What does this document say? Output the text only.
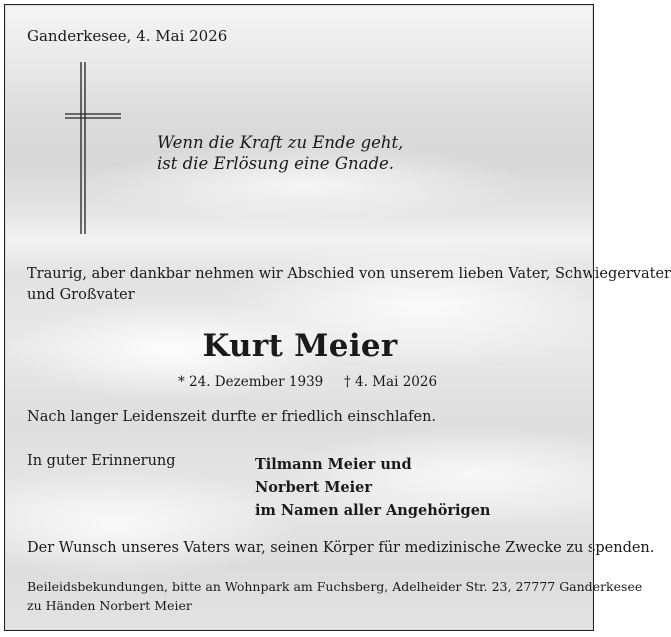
Ganderkesee, 4. Mai 2026

Wenn die Kraft zu Ende geht,
ist die Erlösung eine Gnade.

Traurig, aber dankbar nehmen wir Abschied von unserem lieben Vater, Schwiegervater
und Großvater

Kurt Meier

* 24. Dezember 1939 † 4. Mai 2026

Nach langer Leidenszeit durfte er friedlich einschlafen.

In guter Erinnerung	Tilmann Meier und
Norbert Meier
im Namen aller Angehörigen

Der Wunsch unseres Vaters war, seinen Körper für medizinische Zwecke zu spenden.

Beileidsbekundungen, bitte an Wohnpark am Fuchsberg, Adelheider Str. 23, 27777 Ganderkesee
zu Händen Norbert Meier
